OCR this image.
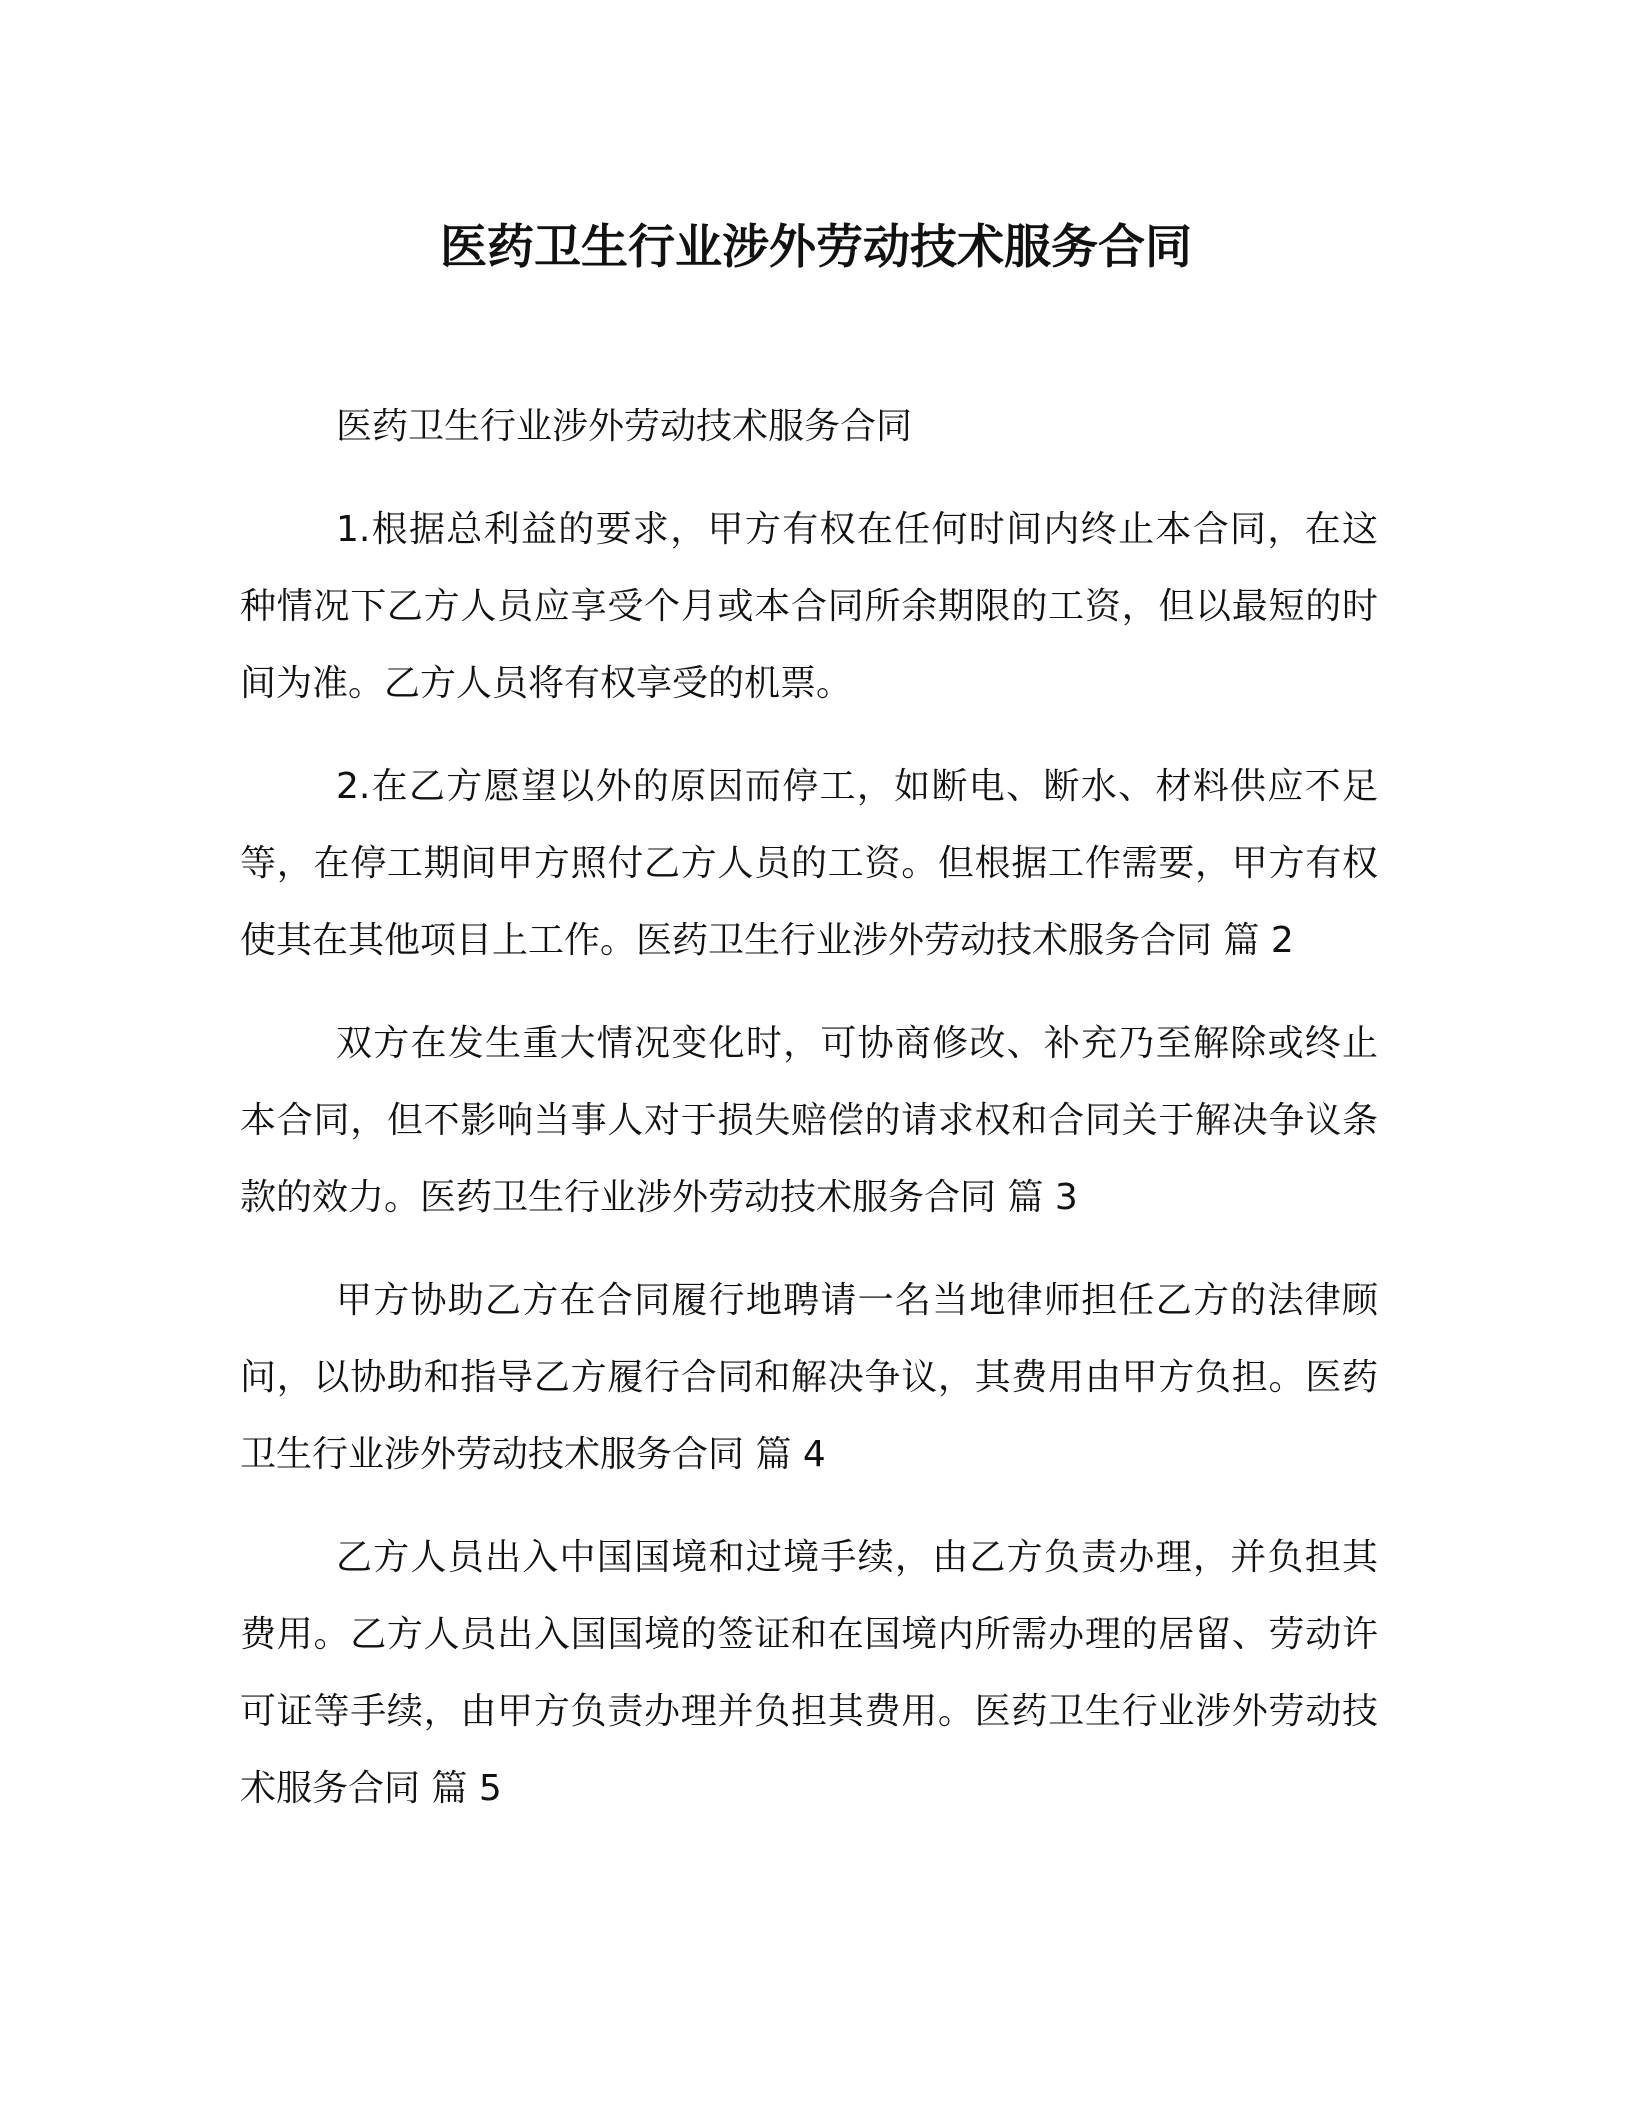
医药卫生行业涉外劳动技术服务合同

医药卫生行业涉外劳动技术服务合同

1.根据总利益的要求，甲方有权在任何时间内终止本合同，在这种情况下乙方人员应享受个月或本合同所余期限的工资，但以最短的时间为准。乙方人员将有权享受的机票。

2.在乙方愿望以外的原因而停工，如断电、断水、材料供应不足等，在停工期间甲方照付乙方人员的工资。但根据工作需要，甲方有权使其在其他项目上工作。医药卫生行业涉外劳动技术服务合同 篇 2

双方在发生重大情况变化时，可协商修改、补充乃至解除或终止本合同，但不影响当事人对于损失赔偿的请求权和合同关于解决争议条款的效力。医药卫生行业涉外劳动技术服务合同 篇 3

甲方协助乙方在合同履行地聘请一名当地律师担任乙方的法律顾问，以协助和指导乙方履行合同和解决争议，其费用由甲方负担。医药卫生行业涉外劳动技术服务合同 篇 4

乙方人员出入中国国境和过境手续，由乙方负责办理，并负担其费用。乙方人员出入国国境的签证和在国境内所需办理的居留、劳动许可证等手续，由甲方负责办理并负担其费用。医药卫生行业涉外劳动技术服务合同 篇 5
